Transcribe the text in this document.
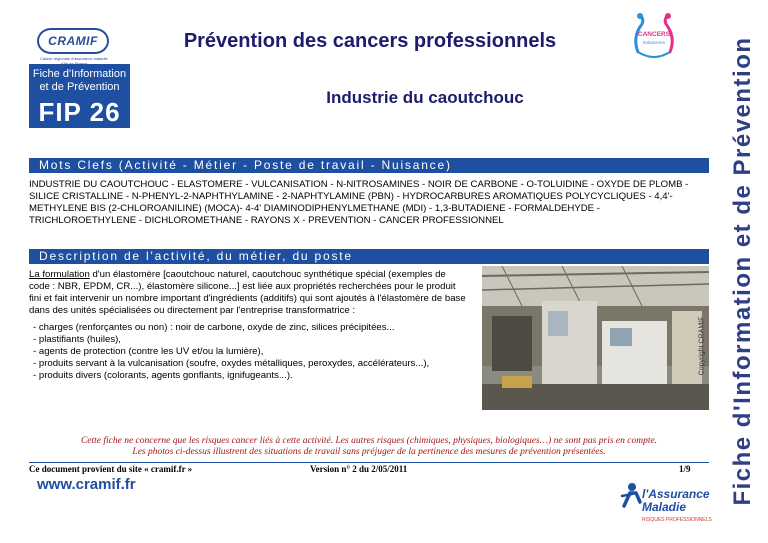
CRAMIF
Caisse régionale d'assurance maladie
Prévention des cancers professionnels	CANCERS
Evitons-les	Fiche d'Information et de Prévention
Fiche d'Information et de Prévention
FIP 26	Industrie du caoutchouc
Mots Clefs (Activité - Métier - Poste de travail - Nuisance)
INDUSTRIE DU CAOUTCHOUC - ELASTOMERE - VULCANISATION - N-NITROSAMINES - NOIR DE CARBONE - O-TOLUIDINE - OXYDE DE PLOMB - SILICE CRISTALLINE - N-PHENYL-2-NAPHTHYLAMINE - 2-NAPHTYLAMINE (PBN) - HYDROCARBURES AROMATIQUES POLYCYCLIQUES - 4,4'-METHYLENE BIS (2-CHLOROANILINE) (MOCA)- 4-4' DIAMINODIPHENYLMETHANE (MDI) - 1,3-BUTADIENE - FORMALDEHYDE - TRICHLOROETHYLENE - DICHLOROMETHANE - RAYONS X - PREVENTION - CANCER PROFESSIONNEL
Description de l'activité, du métier, du poste

La formulation d'un élastomère [caoutchouc naturel, caoutchouc synthétique spécial (exemples de code : NBR, EPDM, CR...), élastomère silicone...] est liée aux propriétés recherchées pour le produit fini et fait intervenir un nombre important d'ingrédients (additifs) qui sont ajoutés à l'élastomère de base dans des unités spécialisées ou directement par l'entreprise transformatrice :

- charges (renforçantes ou non) : noir de carbone, oxyde de zinc, silices précipitées...
- plastifiants (huiles),
- agents de protection (contre les UV et/ou la lumière),
- produits servant à la vulcanisation (soufre, oxydes métalliques, peroxydes, accélérateurs...),
- produits divers (colorants, agents gonflants, ignifugeants...).
Copyright CRAMIF
Cette fiche ne concerne que les risques cancer liés à cette activité. Les autres risques (chimiques, physiques, biologiques…) ne sont pas pris en compte.
Les photos ci-dessus illustrent des situations de travail sans préjuger de la pertinence des mesures de prévention présentées.
Ce document provient du site « cramif.fr »	Version n° 2 du 2/05/2011	1/9
www.cramif.fr
l'Assurance
Maladie
RISQUES PROFESSIONNELS
